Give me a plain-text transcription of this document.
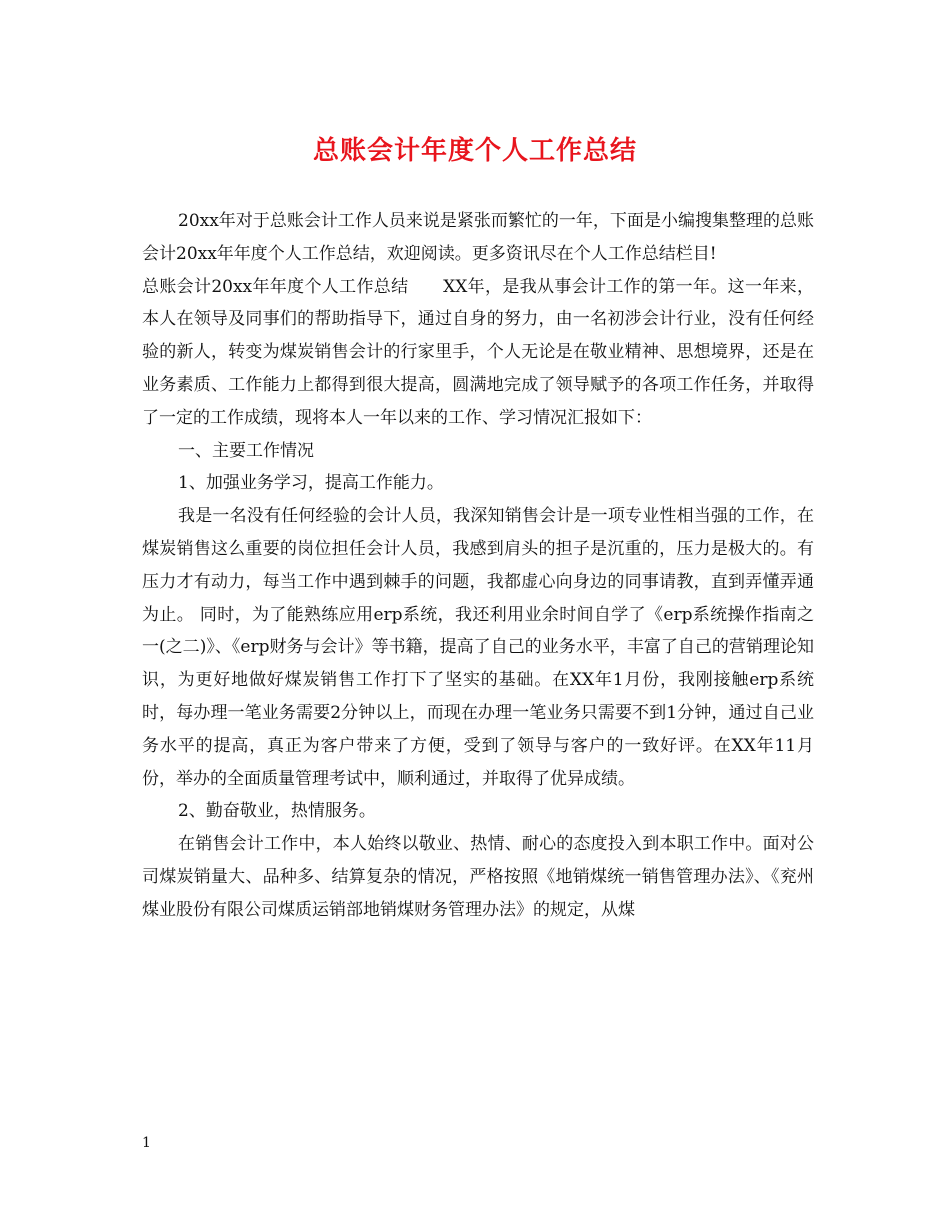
总账会计年度个人工作总结

20xx年对于总账会计工作人员来说是紧张而繁忙的一年，下面是小编搜集整理的总账会计20xx年年度个人工作总结，欢迎阅读。更多资讯尽在个人工作总结栏目!

总账会计20xx年年度个人工作总结　　XX年，是我从事会计工作的第一年。这一年来，本人在领导及同事们的帮助指导下，通过自身的努力，由一名初涉会计行业，没有任何经验的新人，转变为煤炭销售会计的行家里手，个人无论是在敬业精神、思想境界，还是在业务素质、工作能力上都得到很大提高，圆满地完成了领导赋予的各项工作任务，并取得了一定的工作成绩，现将本人一年以来的工作、学习情况汇报如下：

一、主要工作情况

1、加强业务学习，提高工作能力。

我是一名没有任何经验的会计人员，我深知销售会计是一项专业性相当强的工作，在煤炭销售这么重要的岗位担任会计人员，我感到肩头的担子是沉重的，压力是极大的。有压力才有动力，每当工作中遇到棘手的问题，我都虚心向身边的同事请教，直到弄懂弄通为止。 同时，为了能熟练应用erp系统，我还利用业余时间自学了《erp系统操作指南之一(之二)》、《erp财务与会计》等书籍，提高了自己的业务水平，丰富了自己的营销理论知识，为更好地做好煤炭销售工作打下了坚实的基础。在XX年1月份，我刚接触erp系统时，每办理一笔业务需要2分钟以上，而现在办理一笔业务只需要不到1分钟，通过自己业务水平的提高，真正为客户带来了方便，受到了领导与客户的一致好评。在XX年11月份，举办的全面质量管理考试中，顺利通过，并取得了优异成绩。

2、勤奋敬业，热情服务。

在销售会计工作中，本人始终以敬业、热情、耐心的态度投入到本职工作中。面对公司煤炭销量大、品种多、结算复杂的情况，严格按照《地销煤统一销售管理办法》、《兖州煤业股份有限公司煤质运销部地销煤财务管理办法》的规定，从煤

1
